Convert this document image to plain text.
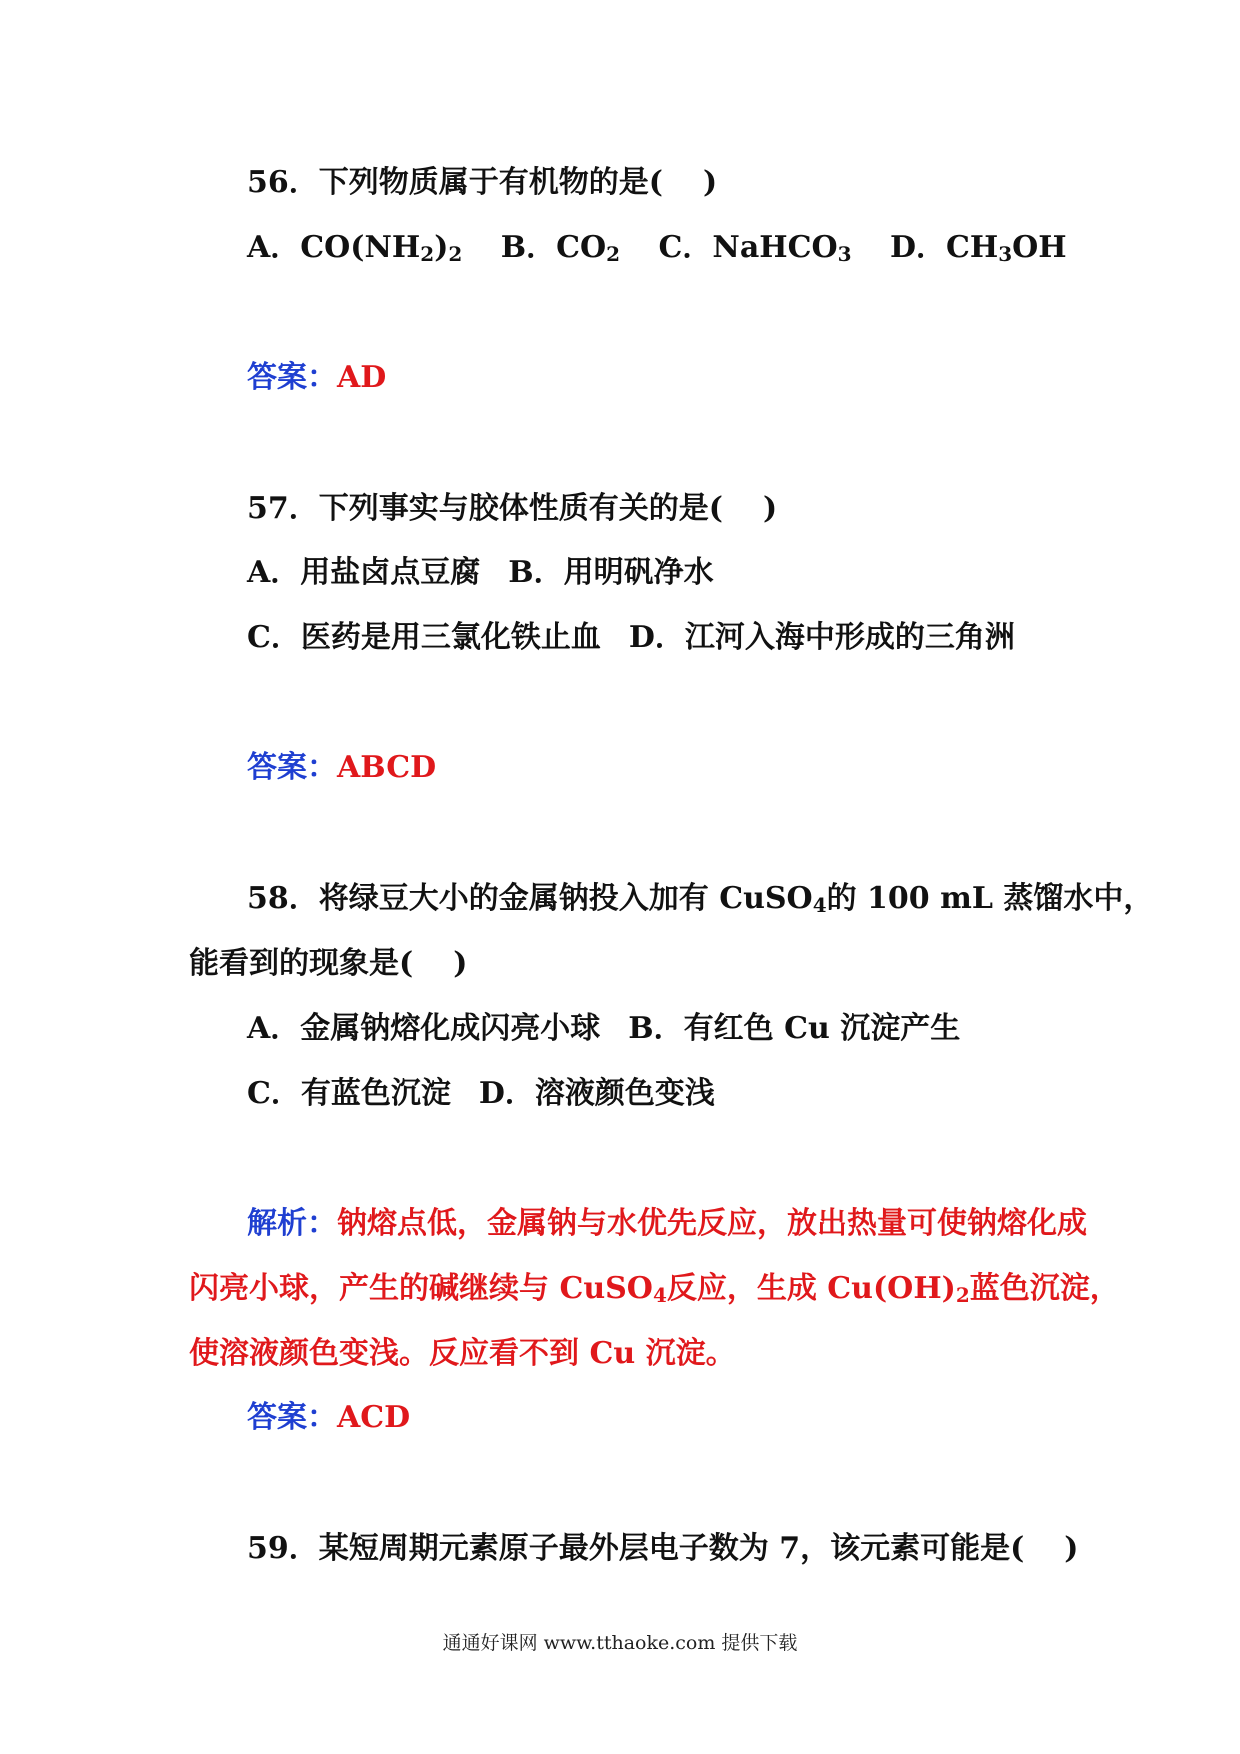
56．下列物质属于有机物的是( )
A．$CO(NH_2)_2$ B．$CO_2$ C．NaHCO$_3$ D．$CH_3OH$
答案：AD
57．下列事实与胶体性质有关的是( )
A．用盐卤点豆腐 B．用明矾净水
C．医药是用三氯化铁止血 D．江河入海中形成的三角洲
答案：ABCD
58．将绿豆大小的金属钠投入加有 CuSO$_4$的 100 mL 蒸馏水中，
能看到的现象是( )
A．金属钠熔化成闪亮小球 B．有红色 Cu 沉淀产生
C．有蓝色沉淀 D．溶液颜色变浅
解析：钠熔点低，金属钠与水优先反应，放出热量可使钠熔化成
闪亮小球，产生的碱继续与 CuSO$_4$反应，生成 $Cu(OH)_2$蓝色沉淀，
使溶液颜色变浅。反应看不到 Cu 沉淀。
答案：ACD
59．某短周期元素原子最外层电子数为 7，该元素可能是( )
通通好课网 www.tthaoke.com 提供下载
